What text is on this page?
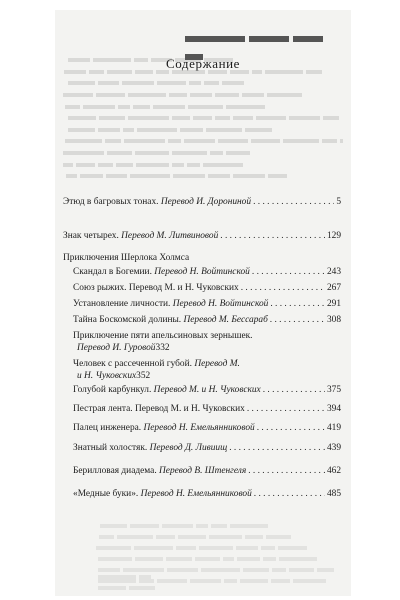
Содержание
Этюд в багровых тонах. Перевод И. Дорониной . . .	5
Знак четырех. Перевод М. Литвиновой . . .	129
Приключения Шерлока Холмса
Скандал в Богемии. Перевод Н. Войтинской . . .	243
Союз рыжих. Перевод М. и Н. Чуковских . . .	267
Установление личности. Перевод Н. Войтинской . . .	291
Тайна Боскомской долины. Перевод М. Бессараб . . .	308
Приключение пяти апельсиновых зернышек.
Перевод И. Гуровой 332
Человек с рассеченной губой. Перевод М.
и Н. Чуковских 352
Голубой карбункул. Перевод М. и Н. Чуковских . . .	375
Пестрая лента. Перевод М. и Н. Чуковских . . .	394
Палец инженера. Перевод Н. Емельянниковой . . .	419
Знатный холостяк. Перевод Д. Ливиищ . . .	439
Берилловая диадема. Перевод В. Штенгеля . . .	462
«Медные буки». Перевод Н. Емельянниковой . . .	485
